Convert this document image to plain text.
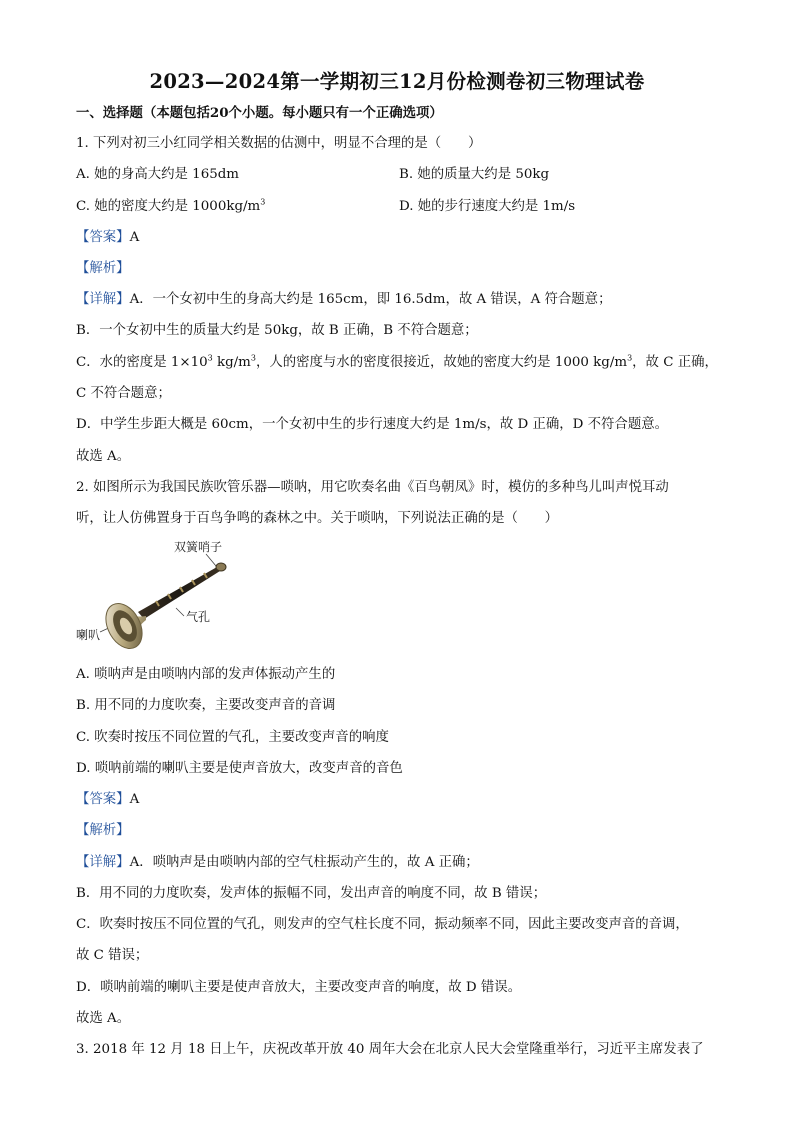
2023—2024第一学期初三12月份检测卷初三物理试卷
一、选择题（本题包括20个小题。每小题只有一个正确选项）
1. 下列对初三小红同学相关数据的估测中，明显不合理的是（　　）
A. 她的身高大约是 165dm	B. 她的质量大约是 50kg
C. 她的密度大约是 $1000kg/m^3$	D. 她的步行速度大约是 1m/s
【答案】A
【解析】
【详解】A．一个女初中生的身高大约是 165cm，即 16.5dm，故 A 错误，A 符合题意；
B．一个女初中生的质量大约是 50kg，故 B 正确，B 不符合题意；
C．水的密度是 $1\times 10^3$ $kg/m^3$，人的密度与水的密度很接近，故她的密度大约是 1000 $kg/m^3$，故 C 正确，
C 不符合题意；
D．中学生步距大概是 60cm，一个女初中生的步行速度大约是 1m/s，故 D 正确，D 不符合题意。
故选 A。
2. 如图所示为我国民族吹管乐器—唢呐，用它吹奏名曲《百鸟朝凤》时，模仿的多种鸟儿叫声悦耳动
听，让人仿佛置身于百鸟争鸣的森林之中。关于唢呐，下列说法正确的是（　　）
双簧哨子
气孔
喇叭
A. 唢呐声是由唢呐内部的发声体振动产生的
B. 用不同的力度吹奏，主要改变声音的音调
C. 吹奏时按压不同位置的气孔，主要改变声音的响度
D. 唢呐前端的喇叭主要是使声音放大，改变声音的音色
【答案】A
【解析】
【详解】A．唢呐声是由唢呐内部的空气柱振动产生的，故 A 正确；
B．用不同的力度吹奏，发声体的振幅不同，发出声音的响度不同，故 B 错误；
C．吹奏时按压不同位置的气孔，则发声的空气柱长度不同，振动频率不同，因此主要改变声音的音调，
故 C 错误；
D．唢呐前端的喇叭主要是使声音放大，主要改变声音的响度，故 D 错误。
故选 A。
3. 2018 年 12 月 18 日上午，庆祝改革开放 40 周年大会在北京人民大会堂隆重举行，习近平主席发表了
